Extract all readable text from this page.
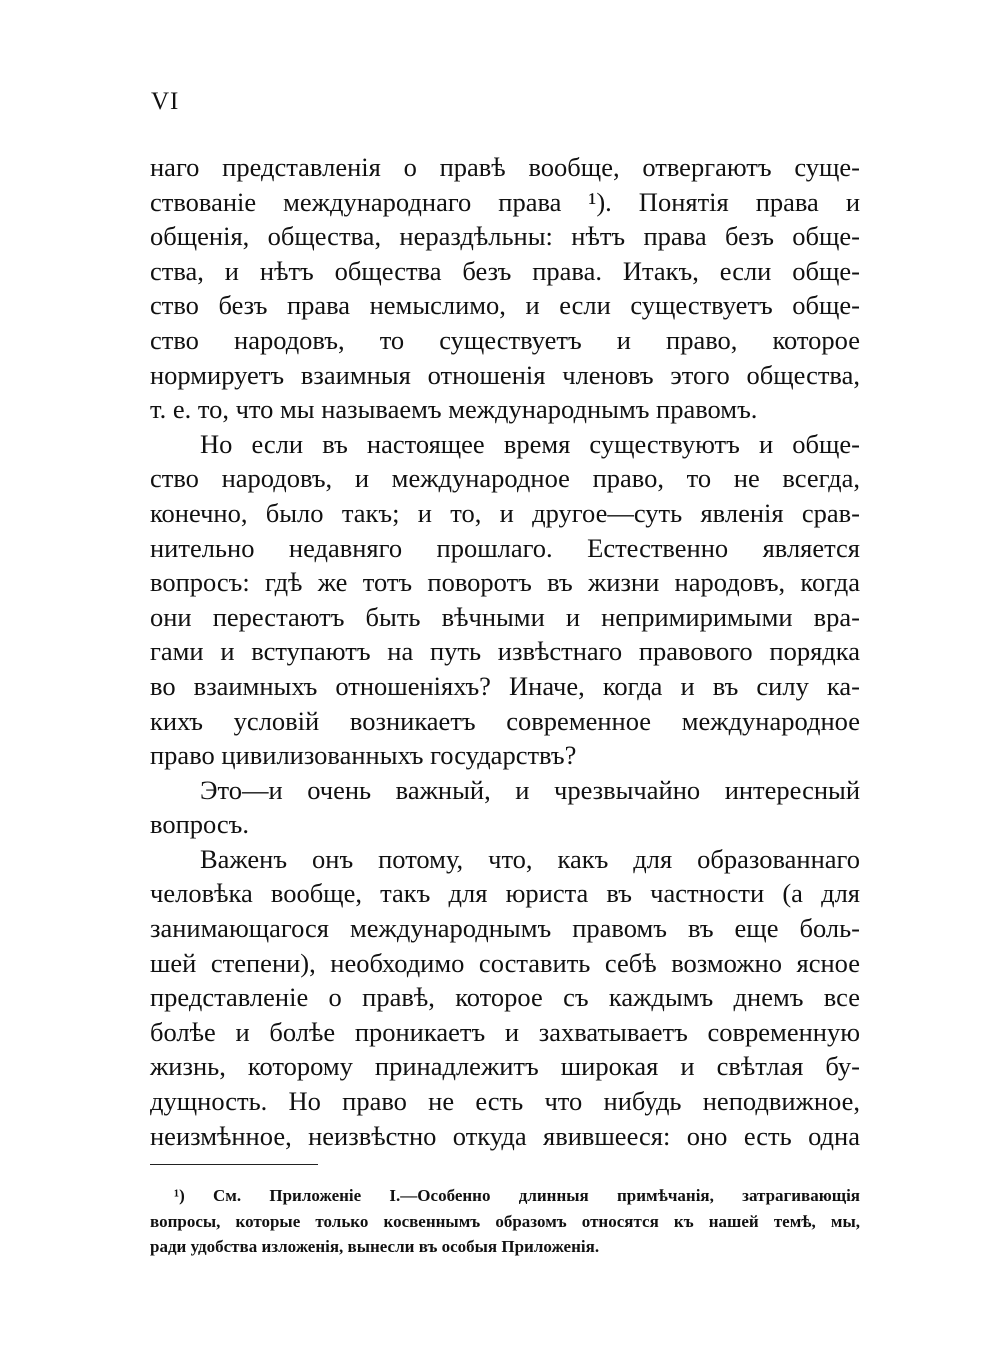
VI
наго представленія о правѣ вообще, отвергаютъ суще-
ствованіе международнаго права ¹). Понятія права и
общенія, общества, нераздѣльны: нѣтъ права безъ обще-
ства, и нѣтъ общества безъ права. Итакъ, если обще-
ство безъ права немыслимо, и если существуетъ обще-
ство народовъ, то существуетъ и право, которое
нормируетъ взаимныя отношенія членовъ этого общества,
т. е. то, что мы называемъ международнымъ правомъ.
Но если въ настоящее время существуютъ и обще-
ство народовъ, и международное право, то не всегда,
конечно, было такъ; и то, и другое—суть явленія срав-
нительно недавняго прошлаго. Естественно является
вопросъ: гдѣ же тотъ поворотъ въ жизни народовъ, когда
они перестаютъ быть вѣчными и непримиримыми вра-
гами и вступаютъ на путь извѣстнаго правового порядка
во взаимныхъ отношеніяхъ? Иначе, когда и въ силу ка-
кихъ условій возникаетъ современное международное
право цивилизованныхъ государствъ?
Это—и очень важный, и чрезвычайно интересный
вопросъ.
Важенъ онъ потому, что, какъ для образованнаго
человѣка вообще, такъ для юриста въ частности (а для
занимающагося международнымъ правомъ въ еще боль-
шей степени), необходимо составить себѣ возможно ясное
представленіе о правѣ, которое съ каждымъ днемъ все
болѣе и болѣе проникаетъ и захватываетъ современную
жизнь, которому принадлежитъ широкая и свѣтлая бу-
дущность. Но право не есть что нибудь неподвижное,
неизмѣнное, неизвѣстно откуда явившееся: оно есть одна
¹) См. Приложеніе I.—Особенно длинныя примѣчанія, затрагивающія
вопросы, которые только косвеннымъ образомъ относятся къ нашей темѣ, мы,
ради удобства изложенія, вынесли въ особыя Приложенія.
